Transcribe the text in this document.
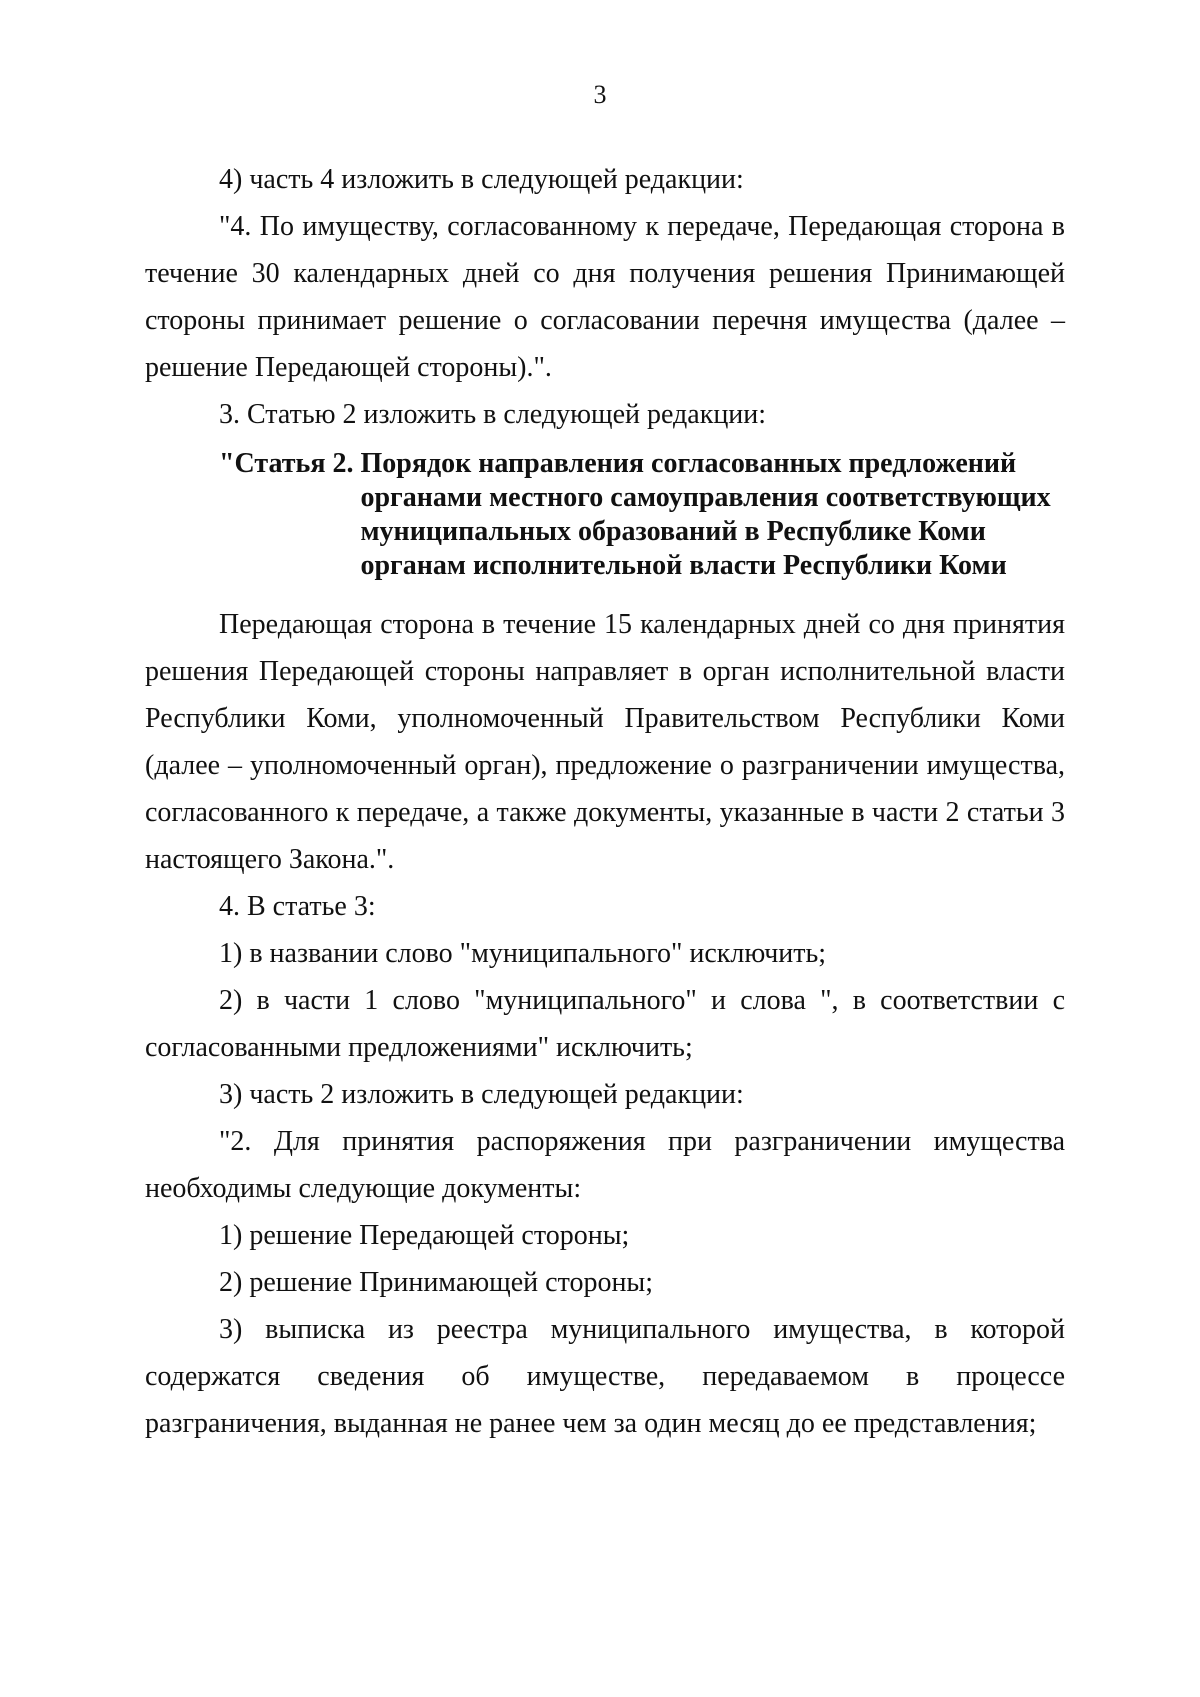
3

4) часть 4 изложить в следующей редакции:

"4. По имуществу, согласованному к передаче, Передающая сторона в течение 30 календарных дней со дня получения решения Принимающей стороны принимает решение о согласовании перечня имущества (далее – решение Передающей стороны).".

3. Статью 2 изложить в следующей редакции:

"Статья 2. Порядок направления согласованных предложений
органами местного самоуправления соответствующих
муниципальных образований в Республике Коми
органам исполнительной власти Республики Коми

Передающая сторона в течение 15 календарных дней со дня принятия решения Передающей стороны направляет в орган исполнительной власти Республики Коми, уполномоченный Правительством Республики Коми (далее – уполномоченный орган), предложение о разграничении имущества, согласованного к передаче, а также документы, указанные в части 2 статьи 3 настоящего Закона.".

4. В статье 3:

1) в названии слово "муниципального" исключить;

2) в части 1 слово "муниципального" и слова ", в соответствии с согласованными предложениями" исключить;

3) часть 2 изложить в следующей редакции:

"2. Для принятия распоряжения при разграничении имущества необходимы следующие документы:

1) решение Передающей стороны;

2) решение Принимающей стороны;

3) выписка из реестра муниципального имущества, в которой содержатся сведения об имуществе, передаваемом в процессе разграничения, выданная не ранее чем за один месяц до ее представления;
